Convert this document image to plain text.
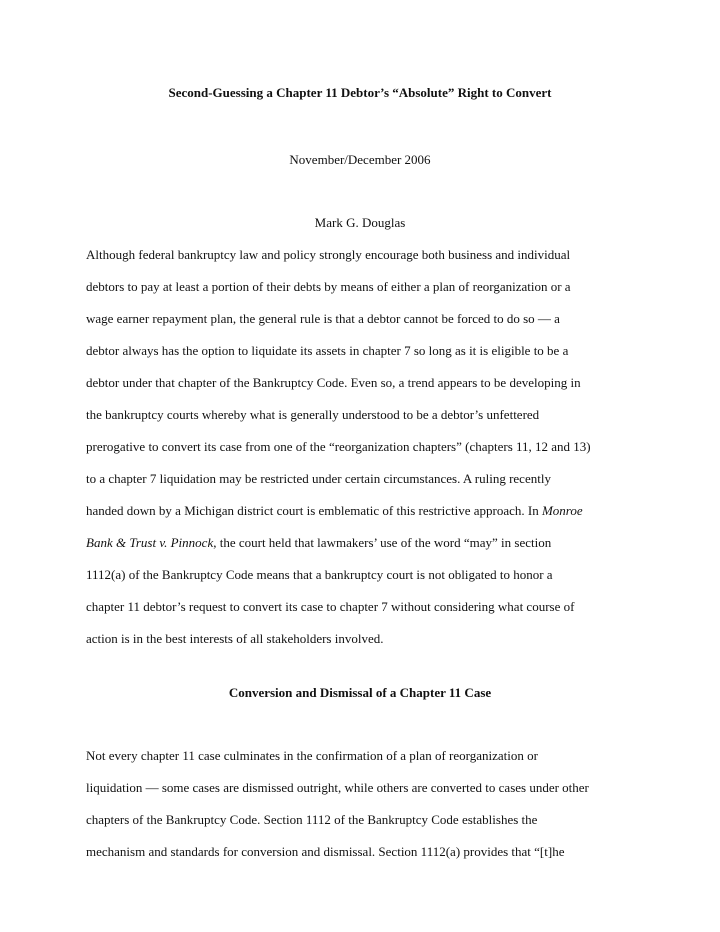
Second-Guessing a Chapter 11 Debtor’s “Absolute” Right to Convert
November/December 2006
Mark G. Douglas
Although federal bankruptcy law and policy strongly encourage both business and individual
debtors to pay at least a portion of their debts by means of either a plan of reorganization or a
wage earner repayment plan, the general rule is that a debtor cannot be forced to do so — a
debtor always has the option to liquidate its assets in chapter 7 so long as it is eligible to be a
debtor under that chapter of the Bankruptcy Code. Even so, a trend appears to be developing in
the bankruptcy courts whereby what is generally understood to be a debtor’s unfettered
prerogative to convert its case from one of the “reorganization chapters” (chapters 11, 12 and 13)
to a chapter 7 liquidation may be restricted under certain circumstances. A ruling recently
handed down by a Michigan district court is emblematic of this restrictive approach. In Monroe
Bank & Trust v. Pinnock, the court held that lawmakers’ use of the word “may” in section
1112(a) of the Bankruptcy Code means that a bankruptcy court is not obligated to honor a
chapter 11 debtor’s request to convert its case to chapter 7 without considering what course of
action is in the best interests of all stakeholders involved.
Conversion and Dismissal of a Chapter 11 Case
Not every chapter 11 case culminates in the confirmation of a plan of reorganization or
liquidation — some cases are dismissed outright, while others are converted to cases under other
chapters of the Bankruptcy Code. Section 1112 of the Bankruptcy Code establishes the
mechanism and standards for conversion and dismissal. Section 1112(a) provides that “[t]he
